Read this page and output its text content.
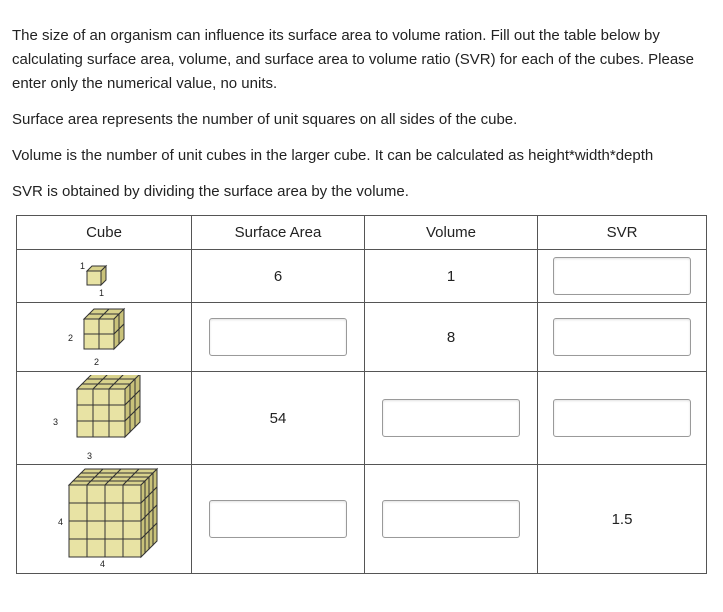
The size of an organism can influence its surface area to volume ration. Fill out the table below by calculating surface area, volume, and surface area to volume ratio (SVR) for each of the cubes. Please enter only the numerical value, no units.

Surface area represents the number of unit squares on all sides of the cube.

Volume is the number of unit cubes in the larger cube. It can be calculated as height*width*depth

SVR is obtained by dividing the surface area by the volume.

Cube	Surface Area	Volume	SVR

1
1	6	1	

2
2		8	

3
3	54		

4
4			1.5
